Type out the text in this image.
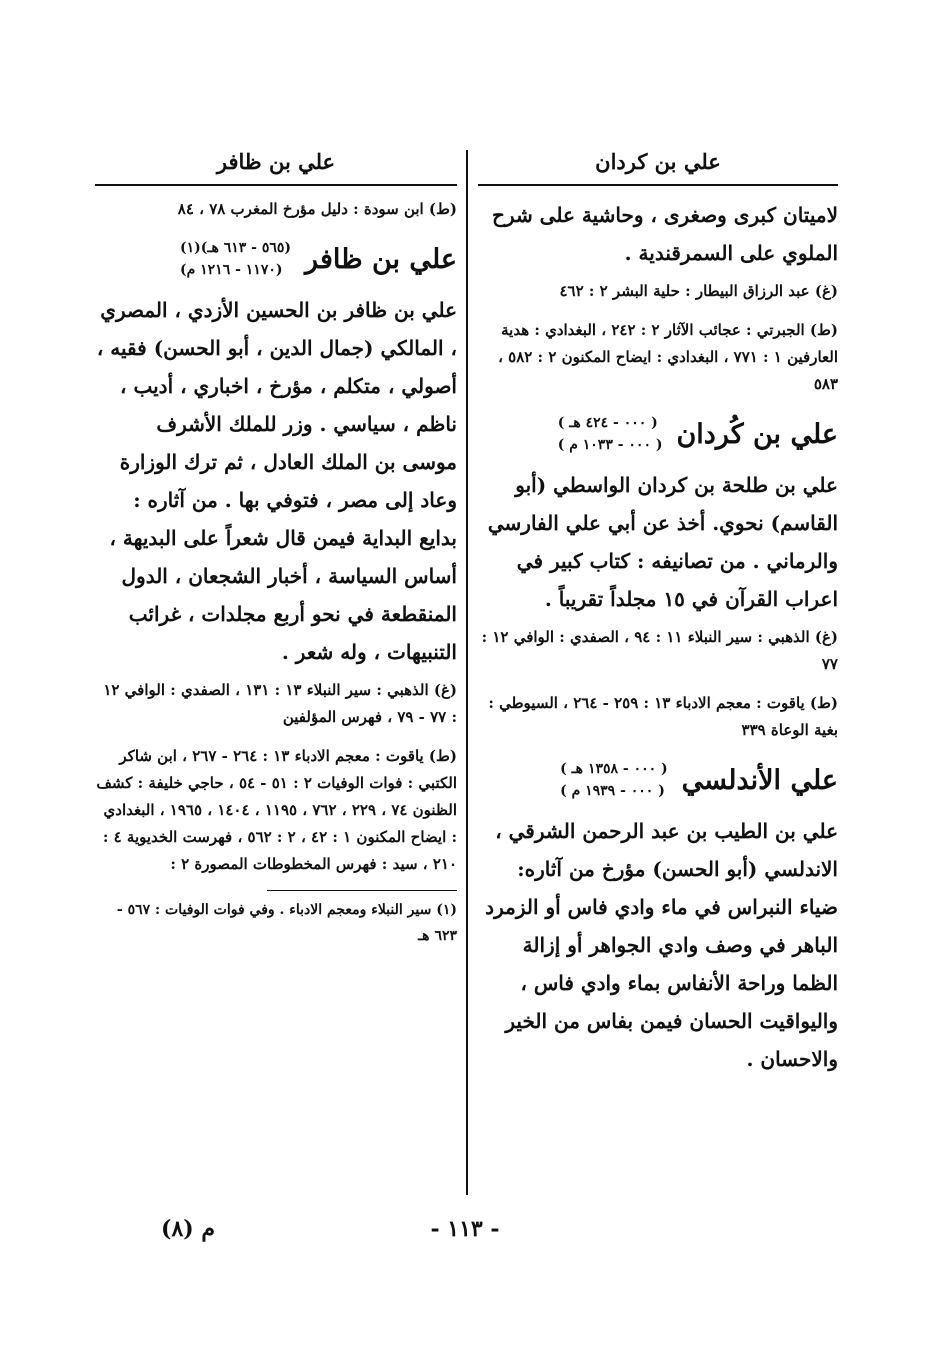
علي بن كردان

لاميتان كبرى وصغرى ، وحاشية على شرح الملوي على السمرقندية .

(غ) عبد الرزاق البيطار : حلية البشر ٢ : ٤٦٢

(ط) الجبرتي : عجائب الآثار ٢ : ٢٤٢ ، البغدادي : هدية العارفين ١ : ٧٧١ ، البغدادي : ايضاح المكنون ٢ : ٥٨٢ ، ٥٨٣

علي بن كُردان
( ٠٠٠ - ٤٢٤ هـ )
( ٠٠٠ - ١٠٣٣ م )

علي بن طلحة بن كردان الواسطي (أبو القاسم) نحوي. أخذ عن أبي علي الفارسي والرماني . من تصانيفه : كتاب كبير في اعراب القرآن في ١٥ مجلداً تقريباً .

(غ) الذهبي : سير النبلاء ١١ : ٩٤ ، الصفدي : الوافي ١٢ : ٧٧

(ط) ياقوت : معجم الادباء ١٣ : ٢٥٩ - ٢٦٤ ، السيوطي : بغية الوعاة ٣٣٩

علي الأندلسي
( ٠٠٠ - ١٣٥٨ هـ )
( ٠٠٠ - ١٩٣٩ م )

علي بن الطيب بن عبد الرحمن الشرقي ، الاندلسي (أبو الحسن) مؤرخ من آثاره: ضياء النبراس في ماء وادي فاس أو الزمرد الباهر في وصف وادي الجواهر أو إزالة الظما وراحة الأنفاس بماء وادي فاس ، واليواقيت الحسان فيمن بفاس من الخير والاحسان .

علي بن ظافر

(ط) ابن سودة : دليل مؤرخ المغرب ٧٨ ، ٨٤

علي بن ظافر
(٥٦٥ - ٦١٣ هـ)(١)
(١١٧٠ - ١٢١٦ م)

علي بن ظافر بن الحسين الأزدي ، المصري ، المالكي (جمال الدين ، أبو الحسن) فقيه ، أصولي ، متكلم ، مؤرخ ، اخباري ، أديب ، ناظم ، سياسي . وزر للملك الأشرف موسى بن الملك العادل ، ثم ترك الوزارة وعاد إلى مصر ، فتوفي بها . من آثاره : بدايع البداية فيمن قال شعراً على البديهة ، أساس السياسة ، أخبار الشجعان ، الدول المنقطعة في نحو أربع مجلدات ، غرائب التنبيهات ، وله شعر .

(غ) الذهبي : سير النبلاء ١٣ : ١٣١ ، الصفدي : الوافي ١٢ : ٧٧ - ٧٩ ، فهرس المؤلفين

(ط) ياقوت : معجم الادباء ١٣ : ٢٦٤ - ٢٦٧ ، ابن شاكر الكتبي : فوات الوفيات ٢ : ٥١ - ٥٤ ، حاجي خليفة : كشف الظنون ٧٤ ، ٢٢٩ ، ٧٦٢ ، ١١٩٥ ، ١٤٠٤ ، ١٩٦٥ ، البغدادي : ايضاح المكنون ١ : ٤٢ ، ٢ : ٥٦٢ ، فهرست الخديوية ٤ : ٢١٠ ، سيد : فهرس المخطوطات المصورة ٢ :

(١) سير النبلاء ومعجم الادباء . وفي فوات الوفيات : ٥٦٧ - ٦٢٣ هـ

- ١١٣ -
م (٨)
